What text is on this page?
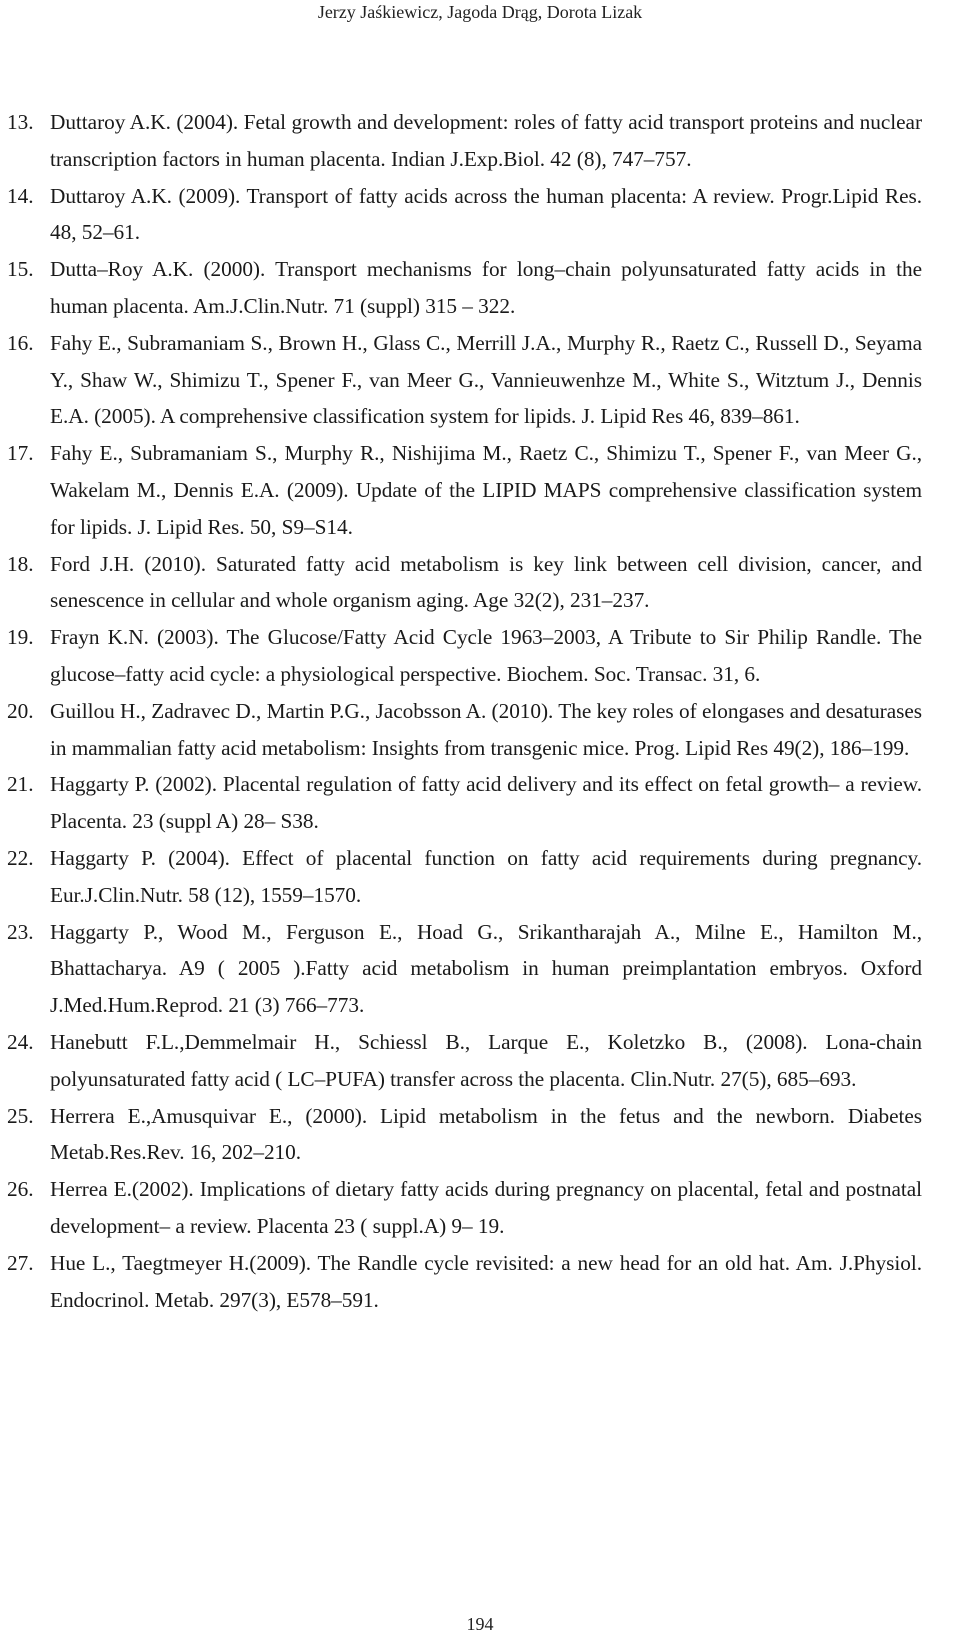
Jerzy Jaśkiewicz, Jagoda Drąg, Dorota Lizak
13. Duttaroy A.K. (2004). Fetal growth and development: roles of fatty acid transport proteins and nuclear transcription factors in human placenta. Indian J.Exp.Biol. 42 (8), 747–757.
14. Duttaroy A.K. (2009). Transport of fatty acids across the human placenta: A review. Progr.Lipid Res. 48, 52–61.
15. Dutta–Roy A.K. (2000). Transport mechanisms for long–chain polyunsaturated fatty acids in the human placenta. Am.J.Clin.Nutr. 71 (suppl) 315 – 322.
16. Fahy E., Subramaniam S., Brown H., Glass C., Merrill J.A., Murphy R., Raetz C., Russell D., Seyama Y., Shaw W., Shimizu T., Spener F., van Meer G., Vannieuwenhze M., White S., Witztum J., Dennis E.A. (2005). A comprehensive classification system for lipids. J. Lipid Res 46, 839–861.
17. Fahy E., Subramaniam S., Murphy R., Nishijima M., Raetz C., Shimizu T., Spener F., van Meer G., Wakelam M., Dennis E.A. (2009). Update of the LIPID MAPS comprehensive classification system for lipids. J. Lipid Res. 50, S9–S14.
18. Ford J.H. (2010). Saturated fatty acid metabolism is key link between cell division, cancer, and senescence in cellular and whole organism aging. Age 32(2), 231–237.
19. Frayn K.N. (2003). The Glucose/Fatty Acid Cycle 1963–2003, A Tribute to Sir Philip Randle. The glucose–fatty acid cycle: a physiological perspective. Biochem. Soc. Transac. 31, 6.
20. Guillou H., Zadravec D., Martin P.G., Jacobsson A. (2010). The key roles of elongases and desaturases in mammalian fatty acid metabolism: Insights from transgenic mice. Prog. Lipid Res 49(2), 186–199.
21. Haggarty P. (2002). Placental regulation of fatty acid delivery and its effect on fetal growth– a review. Placenta. 23 (suppl A) 28– S38.
22. Haggarty P. (2004). Effect of placental function on fatty acid requirements during pregnancy. Eur.J.Clin.Nutr. 58 (12), 1559–1570.
23. Haggarty P., Wood M., Ferguson E., Hoad G., Srikantharajah A., Milne E., Hamilton M., Bhattacharya. A9 ( 2005 ).Fatty acid metabolism in human preimplantation embryos. Oxford J.Med.Hum.Reprod. 21 (3) 766–773.
24. Hanebutt F.L.,Demmelmair H., Schiessl B., Larque E., Koletzko B., (2008). Lona-chain polyunsaturated fatty acid ( LC–PUFA) transfer across the placenta. Clin.Nutr. 27(5), 685–693.
25. Herrera E.,Amusquivar E., (2000). Lipid metabolism in the fetus and the newborn. Diabetes Metab.Res.Rev. 16, 202–210.
26. Herrea E.(2002). Implications of dietary fatty acids during pregnancy on placental, fetal and postnatal development– a review. Placenta 23 ( suppl.A) 9– 19.
27. Hue L., Taegtmeyer H.(2009). The Randle cycle revisited: a new head for an old hat. Am. J.Physiol. Endocrinol. Metab. 297(3), E578–591.
194
